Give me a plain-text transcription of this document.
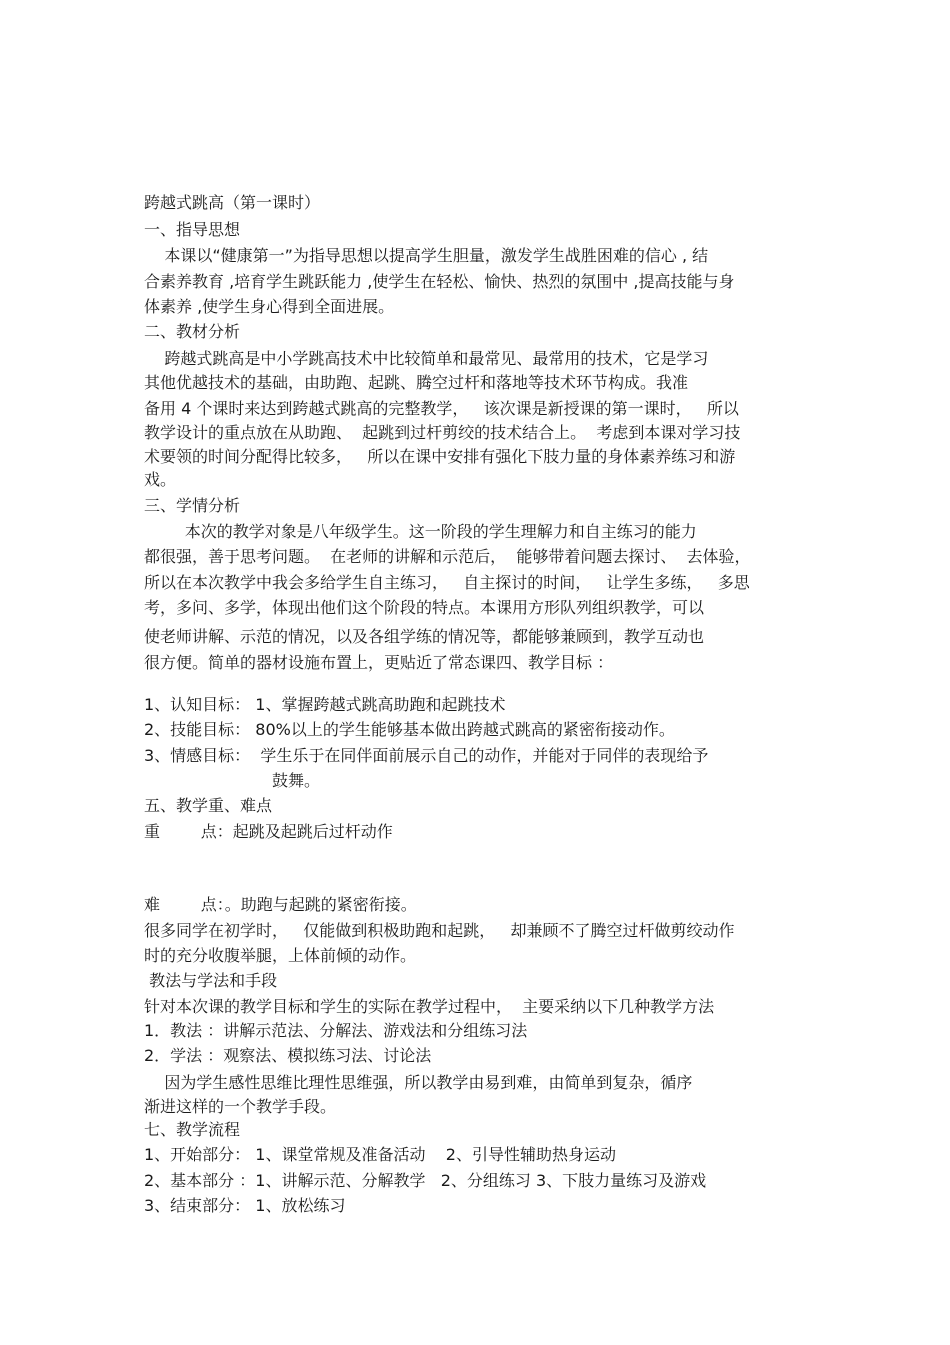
跨越式跳高（第一课时）
一、指导思想
本课以“健康第一”为指导思想以提高学生胆量，激发学生战胜困难的信心 , 结
合素养教育 ,培育学生跳跃能力 ,使学生在轻松、愉快、热烈的氛围中 ,提高技能与身
体素养 ,使学生身心得到全面进展。
二、教材分析
跨越式跳高是中小学跳高技术中比较简单和最常见、最常用的技术，它是学习
其他优越技术的基础，由助跑、起跳、腾空过杆和落地等技术环节构成。我准
备用 4 个课时来达到跨越式跳高的完整教学，   该次课是新授课的第一课时，   所以
教学设计的重点放在从助跑、  起跳到过杆剪绞的技术结合上。  考虑到本课对学习技
术要领的时间分配得比较多，   所以在课中安排有强化下肢力量的身体素养练习和游
戏。
三、学情分析
本次的教学对象是八年级学生。这一阶段的学生理解力和自主练习的能力
都很强，善于思考问题。  在老师的讲解和示范后，  能够带着问题去探讨、  去体验，
所以在本次教学中我会多给学生自主练习，   自主探讨的时间，   让学生多练，   多思
考，多问、多学，体现出他们这个阶段的特点。本课用方形队列组织教学，可以
使老师讲解、示范的情况，以及各组学练的情况等，都能够兼顾到，教学互动也
很方便。简单的器材设施布置上，更贴近了常态课四、教学目标 ：
1、认知目标： 1、掌握跨越式跳高助跑和起跳技术
2、技能目标： 80%以上的学生能够基本做出跨越式跳高的紧密衔接动作。
3、情感目标：  学生乐于在同伴面前展示自己的动作，并能对于同伴的表现给予
鼓舞。
五、教学重、难点
重        点：起跳及起跳后过杆动作
难        点：。助跑与起跳的紧密衔接。
很多同学在初学时，   仅能做到积极助跑和起跳，   却兼顾不了腾空过杆做剪绞动作
时的充分收腹举腿，上体前倾的动作。
教法与学法和手段
针对本次课的教学目标和学生的实际在教学过程中，  主要采纳以下几种教学方法
1．教法 ：讲解示范法、分解法、游戏法和分组练习法
2．学法 ：观察法、模拟练习法、讨论法
因为学生感性思维比理性思维强，所以教学由易到难，由简单到复杂，循序
渐进这样的一个教学手段。
七、教学流程
1、开始部分： 1、课堂常规及准备活动    2、引导性辅助热身运动
2、基本部分 ：1、讲解示范、分解教学   2、分组练习 3、下肢力量练习及游戏
3、结束部分： 1、放松练习
